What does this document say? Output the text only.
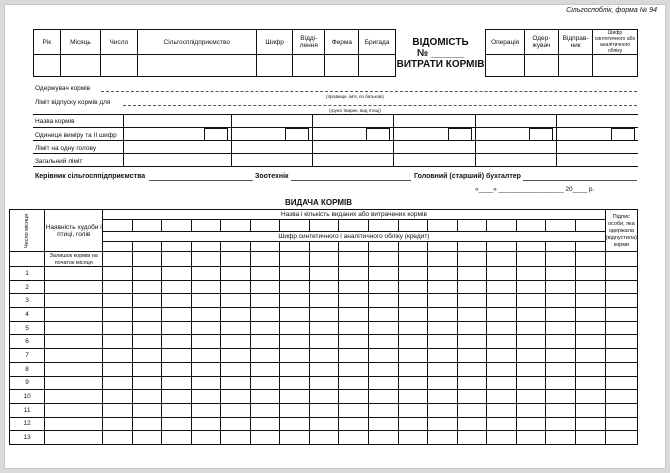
Сільгоспоблік, форма № 94
Рік	Місяць	Число	Сільгосппідприємство	Шифр	Відді-лення	Ферма	Бригада	ВІДОМІСТЬ
№ ______
ВИТРАТИ КОРМІВ	Операція	Одер-жувач	Відправ-ник	Шифр синтетичного або аналітичного обліку

Одержувач кормів
(прізвище, ім'я, по батькові)
Ліміт відпуску кормів для
(група тварин, вид птиці)
Назва кормів
Одиниця виміру та ІІ шифр
Ліміт на одну голову
Загальний ліміт
Керівник сільгосппідприємства	Зоотехнік	Головний (старший) бухгалтер
«____» __________________ 20____ р.
ВИДАЧА КОРМІВ
Число місяця	Наявність худоби і птиці, голів	Назва і кількість виданих або витрачених кормів																	Підпис особи, яка одержала (відпустила) корми

		Шифр синтетичного і аналітичного обліку (кредит)																	

	Залишок кормів на початок місяця																		
1																			
2																			
3																			
4																			
5																			
6																			
7																			
8																			
9																			
10																			
11																			
12																			
13																			
